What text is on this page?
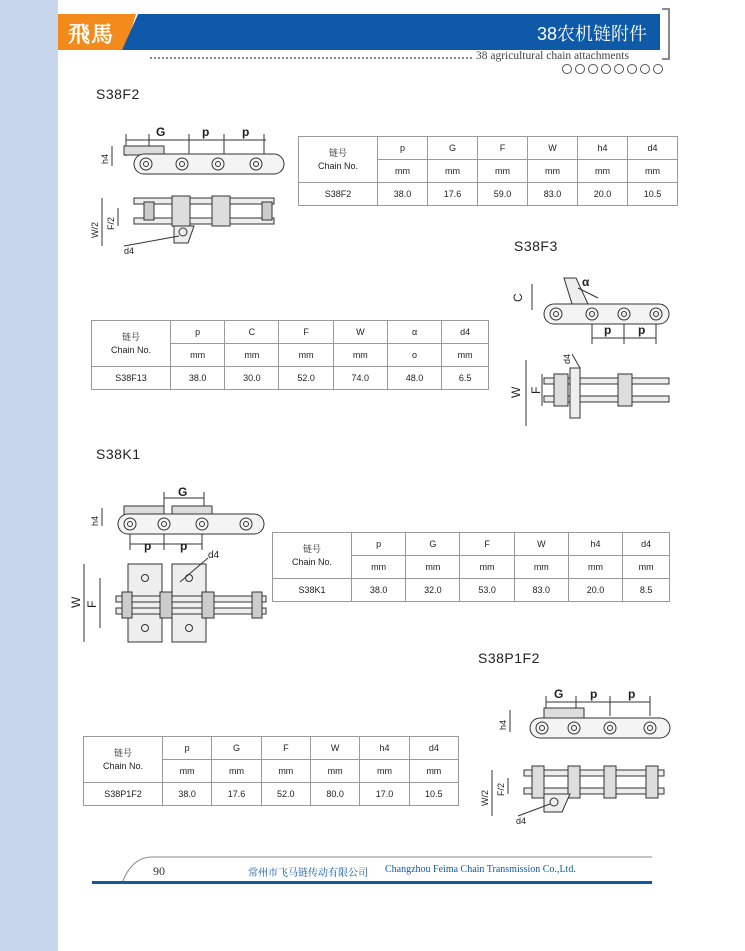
飛馬	38农机链附件
38 agricultural chain attachments
S38F2
G	p	p
h4
W/2 F/2
d4
链号
Chain No.	p	G	F	W	h4	d4
	mm	mm	mm	mm	mm	mm
S38F2	38.0	17.6	59.0	83.0	20.0	10.5
S38F3
C
α
p p
d4
W F
链号
Chain No.	p	C	F	W	α	d4
	mm	mm	mm	mm	o	mm
S38F13	38.0	30.0	52.0	74.0	48.0	6.5
S38K1
G
p p
h4
d4
W F
链号
Chain No.	p	G	F	W	h4	d4
	mm	mm	mm	mm	mm	mm
S38K1	38.0	32.0	53.0	83.0	20.0	8.5
S38P1F2
G p	p
h4
W/2
F/2
d4
链号
Chain No.	p	G	F	W	h4	d4
	mm	mm	mm	mm	mm	mm
S38P1F2	38.0	17.6	52.0	80.0	17.0	10.5
90	常州市飞马链传动有限公司 Changzhou Feima Chain Transmission Co.,Ltd.
